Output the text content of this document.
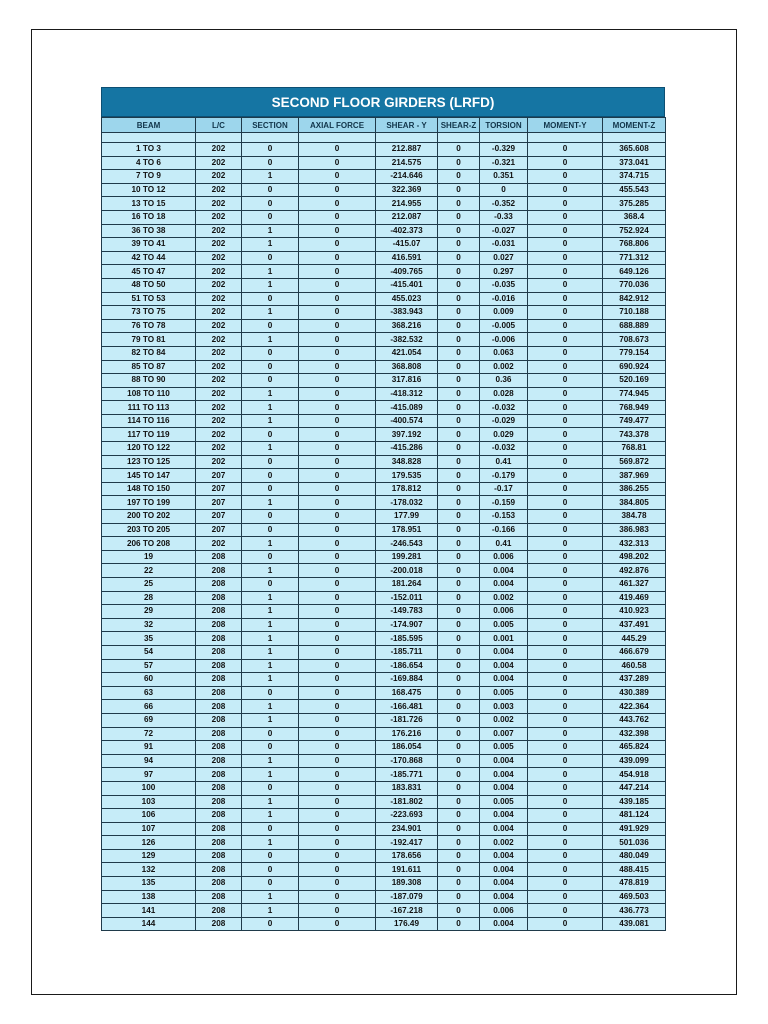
SECOND FLOOR GIRDERS (LRFD)
BEAM	L/C	SECTION	AXIAL FORCE	SHEAR - Y	SHEAR-Z	TORSION	MOMENT-Y	MOMENT-Z

1 TO 3	202	0	0	212.887	0	-0.329	0	365.608
4 TO 6	202	0	0	214.575	0	-0.321	0	373.041
7 TO 9	202	1	0	-214.646	0	0.351	0	374.715
10 TO 12	202	0	0	322.369	0	0	0	455.543
13 TO 15	202	0	0	214.955	0	-0.352	0	375.285
16 TO 18	202	0	0	212.087	0	-0.33	0	368.4
36 TO 38	202	1	0	-402.373	0	-0.027	0	752.924
39 TO 41	202	1	0	-415.07	0	-0.031	0	768.806
42 TO 44	202	0	0	416.591	0	0.027	0	771.312
45 TO 47	202	1	0	-409.765	0	0.297	0	649.126
48 TO 50	202	1	0	-415.401	0	-0.035	0	770.036
51 TO 53	202	0	0	455.023	0	-0.016	0	842.912
73 TO 75	202	1	0	-383.943	0	0.009	0	710.188
76 TO 78	202	0	0	368.216	0	-0.005	0	688.889
79 TO 81	202	1	0	-382.532	0	-0.006	0	708.673
82 TO 84	202	0	0	421.054	0	0.063	0	779.154
85 TO 87	202	0	0	368.808	0	0.002	0	690.924
88 TO 90	202	0	0	317.816	0	0.36	0	520.169
108 TO 110	202	1	0	-418.312	0	0.028	0	774.945
111 TO 113	202	1	0	-415.089	0	-0.032	0	768.949
114 TO 116	202	1	0	-400.574	0	-0.029	0	749.477
117 TO 119	202	0	0	397.192	0	0.029	0	743.378
120 TO 122	202	1	0	-415.286	0	-0.032	0	768.81
123 TO 125	202	0	0	348.828	0	0.41	0	569.872
145 TO 147	207	0	0	179.535	0	-0.179	0	387.969
148 TO 150	207	0	0	178.812	0	-0.17	0	386.255
197 TO 199	207	1	0	-178.032	0	-0.159	0	384.805
200 TO 202	207	0	0	177.99	0	-0.153	0	384.78
203 TO 205	207	0	0	178.951	0	-0.166	0	386.983
206 TO 208	202	1	0	-246.543	0	0.41	0	432.313
19	208	0	0	199.281	0	0.006	0	498.202
22	208	1	0	-200.018	0	0.004	0	492.876
25	208	0	0	181.264	0	0.004	0	461.327
28	208	1	0	-152.011	0	0.002	0	419.469
29	208	1	0	-149.783	0	0.006	0	410.923
32	208	1	0	-174.907	0	0.005	0	437.491
35	208	1	0	-185.595	0	0.001	0	445.29
54	208	1	0	-185.711	0	0.004	0	466.679
57	208	1	0	-186.654	0	0.004	0	460.58
60	208	1	0	-169.884	0	0.004	0	437.289
63	208	0	0	168.475	0	0.005	0	430.389
66	208	1	0	-166.481	0	0.003	0	422.364
69	208	1	0	-181.726	0	0.002	0	443.762
72	208	0	0	176.216	0	0.007	0	432.398
91	208	0	0	186.054	0	0.005	0	465.824
94	208	1	0	-170.868	0	0.004	0	439.099
97	208	1	0	-185.771	0	0.004	0	454.918
100	208	0	0	183.831	0	0.004	0	447.214
103	208	1	0	-181.802	0	0.005	0	439.185
106	208	1	0	-223.693	0	0.004	0	481.124
107	208	0	0	234.901	0	0.004	0	491.929
126	208	1	0	-192.417	0	0.002	0	501.036
129	208	0	0	178.656	0	0.004	0	480.049
132	208	0	0	191.611	0	0.004	0	488.415
135	208	0	0	189.308	0	0.004	0	478.819
138	208	1	0	-187.079	0	0.004	0	469.503
141	208	1	0	-167.218	0	0.006	0	436.773
144	208	0	0	176.49	0	0.004	0	439.081
